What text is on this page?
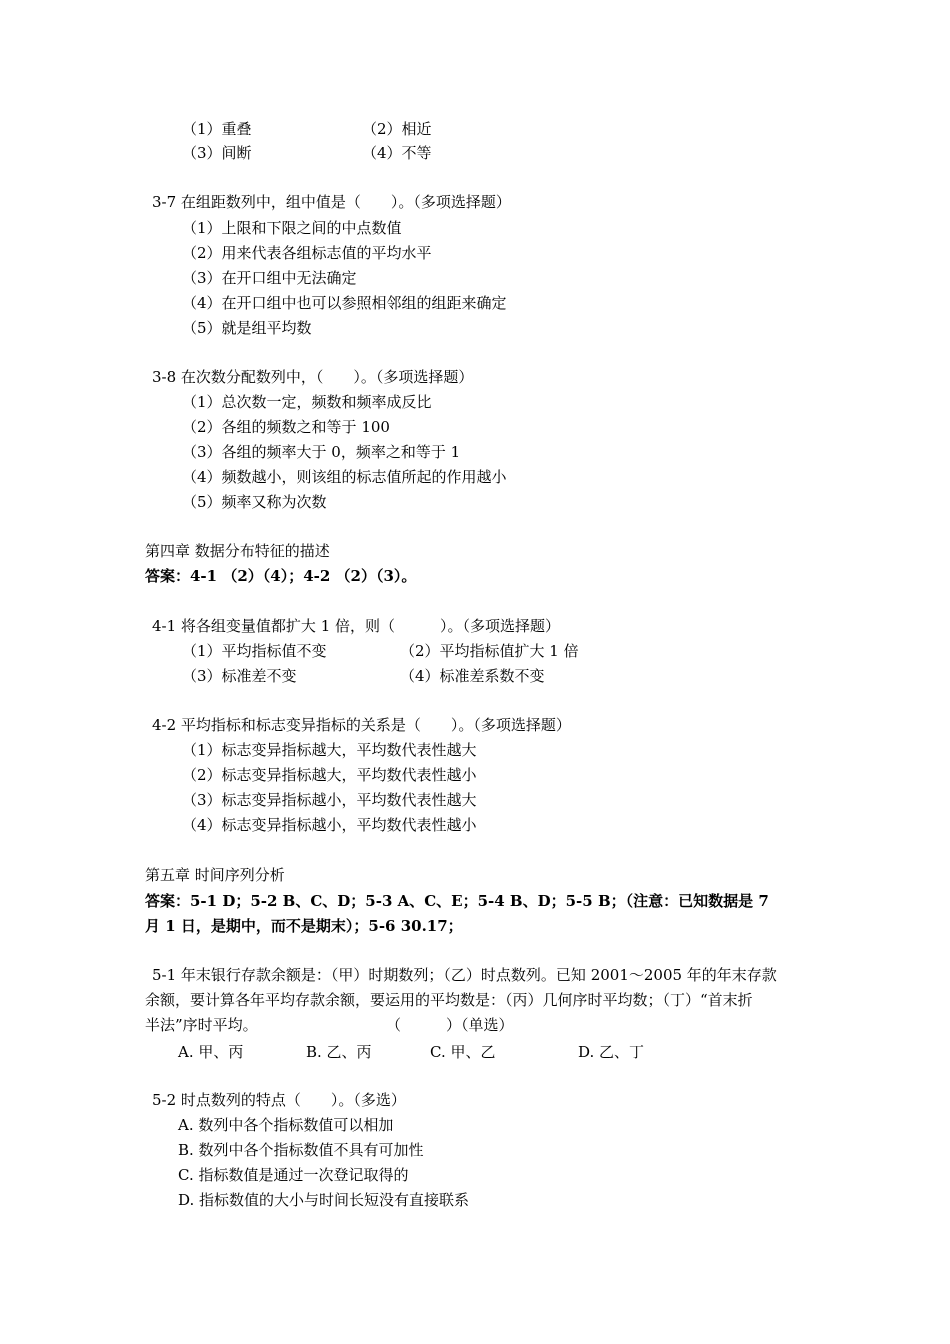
（1）重叠	（2）相近
（3）间断	（4）不等
3-7 在组距数列中，组中值是（　　）。（多项选择题）
（1）上限和下限之间的中点数值
（2）用来代表各组标志值的平均水平
（3）在开口组中无法确定
（4）在开口组中也可以参照相邻组的组距来确定
（5）就是组平均数
3-8 在次数分配数列中，（　　）。（多项选择题）
（1）总次数一定，频数和频率成反比
（2）各组的频数之和等于 100
（3）各组的频率大于 0，频率之和等于 1
（4）频数越小，则该组的标志值所起的作用越小
（5）频率又称为次数
第四章 数据分布特征的描述
答案：4-1 （2）（4）；4-2 （2）（3）。
4-1 将各组变量值都扩大 1 倍，则（　　　）。（多项选择题）
（1）平均指标值不变	（2）平均指标值扩大 1 倍
（3）标准差不变	（4）标准差系数不变
4-2 平均指标和标志变异指标的关系是（　　）。（多项选择题）
（1）标志变异指标越大，平均数代表性越大
（2）标志变异指标越大，平均数代表性越小
（3）标志变异指标越小，平均数代表性越大
（4）标志变异指标越小，平均数代表性越小
第五章 时间序列分析
答案：5-1 D；5-2 B、C、D；5-3 A、C、E；5-4 B、D；5-5 B；（注意：已知数据是 7
月 1 日，是期中，而不是期末）；5-6 30.17；
5-1 年末银行存款余额是：（甲）时期数列；（乙）时点数列。已知 2001～2005 年的年末存款
余额，要计算各年平均存款余额，要运用的平均数是：（丙）几何序时平均数；（丁）“首末折
半法”序时平均。	（　　　）（单选）
A. 甲、丙	B. 乙、丙	C. 甲、乙	D. 乙、丁
5-2 时点数列的特点（　　）。（多选）
A. 数列中各个指标数值可以相加
B. 数列中各个指标数值不具有可加性
C. 指标数值是通过一次登记取得的
D. 指标数值的大小与时间长短没有直接联系
